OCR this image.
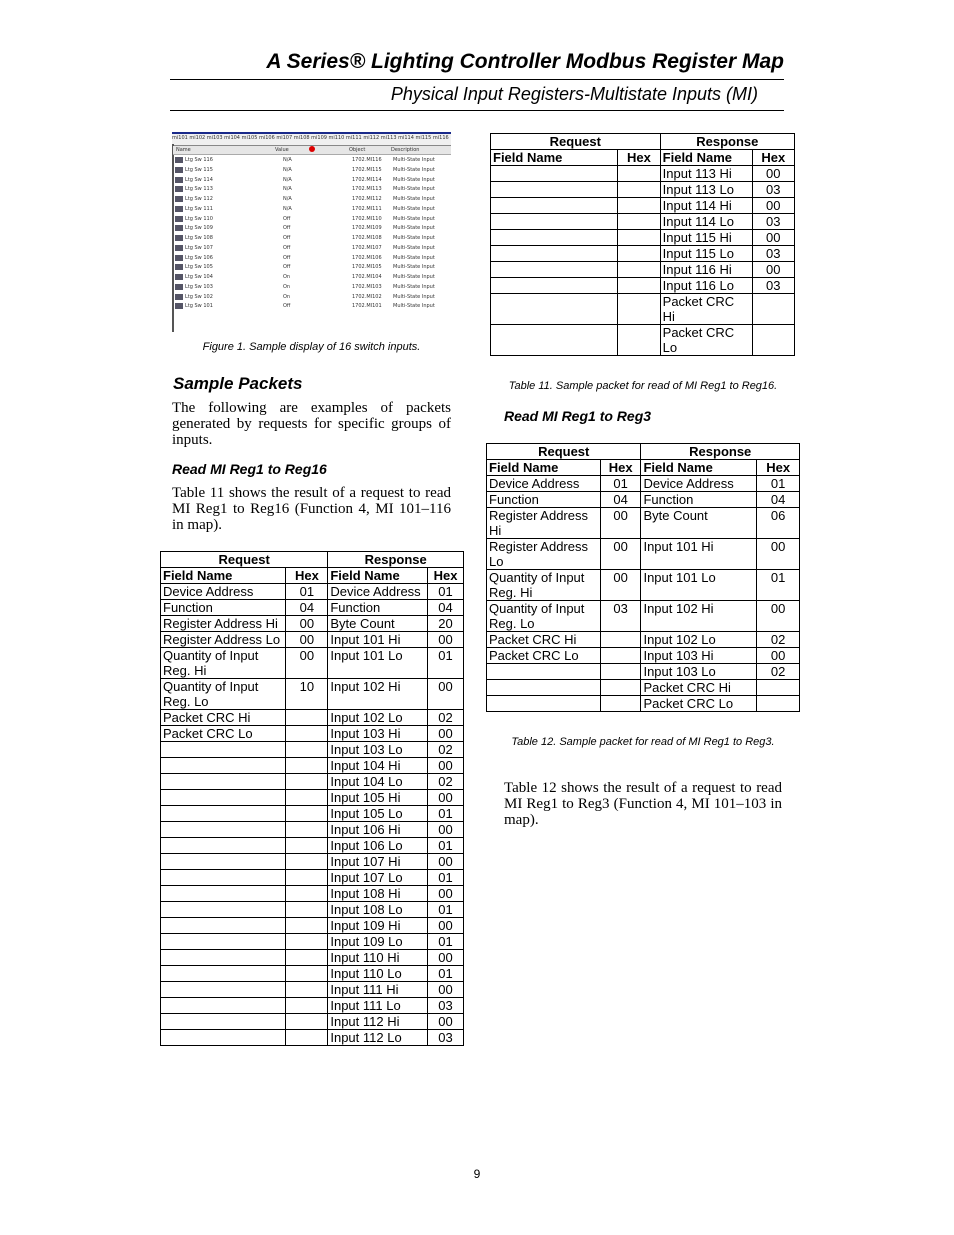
A Series® Lighting Controller Modbus Register Map
Physical Input Registers-Multistate Inputs (MI)
mi101 mi102 mi103 mi104 mi105 mi106 mi107 mi108 mi109 mi110 mi111 mi112 mi113 mi114 mi115 mi116
Name	Value	Object	Description
Ltg Sw 116	N/A	1702.MI116 Multi-State Input
Ltg Sw 115	N/A	1702.MI115 Multi-State Input
Ltg Sw 114	N/A	1702.MI114 Multi-State Input
Ltg Sw 113	N/A	1702.MI113 Multi-State Input
Ltg Sw 112	N/A	1702.MI112 Multi-State Input
Ltg Sw 111	N/A	1702.MI111 Multi-State Input
Ltg Sw 110	Off	1702.MI110 Multi-State Input
Ltg Sw 109	Off	1702.MI109 Multi-State Input
Ltg Sw 108	Off	1702.MI108 Multi-State Input
Ltg Sw 107	Off	1702.MI107 Multi-State Input
Ltg Sw 106	Off	1702.MI106 Multi-State Input
Ltg Sw 105	Off	1702.MI105 Multi-State Input
Ltg Sw 104	On	1702.MI104 Multi-State Input
Ltg Sw 103	On	1702.MI103 Multi-State Input
Ltg Sw 102	On	1702.MI102 Multi-State Input
Ltg Sw 101	Off	1702.MI101 Multi-State Input
Figure 1. Sample display of 16 switch inputs.
Sample Packets
The following are examples of packets generated by requests for specific groups of inputs.
Read MI Reg1 to Reg16
Table 11 shows the result of a request to read MI Reg1 to Reg16 (Function 4, MI 101–116 in map).
Request		Response	
Field Name	Hex	Field Name	Hex
Device Address	01	Device Address	01
Function	04	Function	04
Register Address Hi	00	Byte Count	20
Register Address Lo	00	Input 101 Hi	00
Quantity of Input Reg. Hi	00	Input 101 Lo	01
Quantity of Input Reg. Lo	10	Input 102 Hi	00
Packet CRC Hi		Input 102 Lo	02
Packet CRC Lo		Input 103 Hi	00
		Input 103 Lo	02
		Input 104 Hi	00
		Input 104 Lo	02
		Input 105 Hi	00
		Input 105 Lo	01
		Input 106 Hi	00
		Input 106 Lo	01
		Input 107 Hi	00
		Input 107 Lo	01
		Input 108 Hi	00
		Input 108 Lo	01
		Input 109 Hi	00
		Input 109 Lo	01
		Input 110 Hi	00
		Input 110 Lo	01
		Input 111 Hi	00
		Input 111 Lo	03
		Input 112 Hi	00
		Input 112 Lo	03
Request		Response	
Field Name	Hex	Field Name	Hex
		Input 113 Hi	00
		Input 113 Lo	03
		Input 114 Hi	00
		Input 114 Lo	03
		Input 115 Hi	00
		Input 115 Lo	03
		Input 116 Hi	00
		Input 116 Lo	03
		Packet CRC Hi	
		Packet CRC Lo	
Table 11. Sample packet for read of MI Reg1 to Reg16.
Read MI Reg1 to Reg3
Request		Response	
Field Name	Hex	Field Name	Hex
Device Address	01	Device Address	01
Function	04	Function	04
Register Address Hi	00	Byte Count	06
Register Address Lo	00	Input 101 Hi	00
Quantity of Input Reg. Hi	00	Input 101 Lo	01
Quantity of Input Reg. Lo	03	Input 102 Hi	00
Packet CRC Hi		Input 102 Lo	02
Packet CRC Lo		Input 103 Hi	00
		Input 103 Lo	02
		Packet CRC Hi	
		Packet CRC Lo	
Table 12. Sample packet for read of MI Reg1 to Reg3.
Table 12 shows the result of a request to read MI Reg1 to Reg3 (Function 4, MI 101–103 in map).
9
